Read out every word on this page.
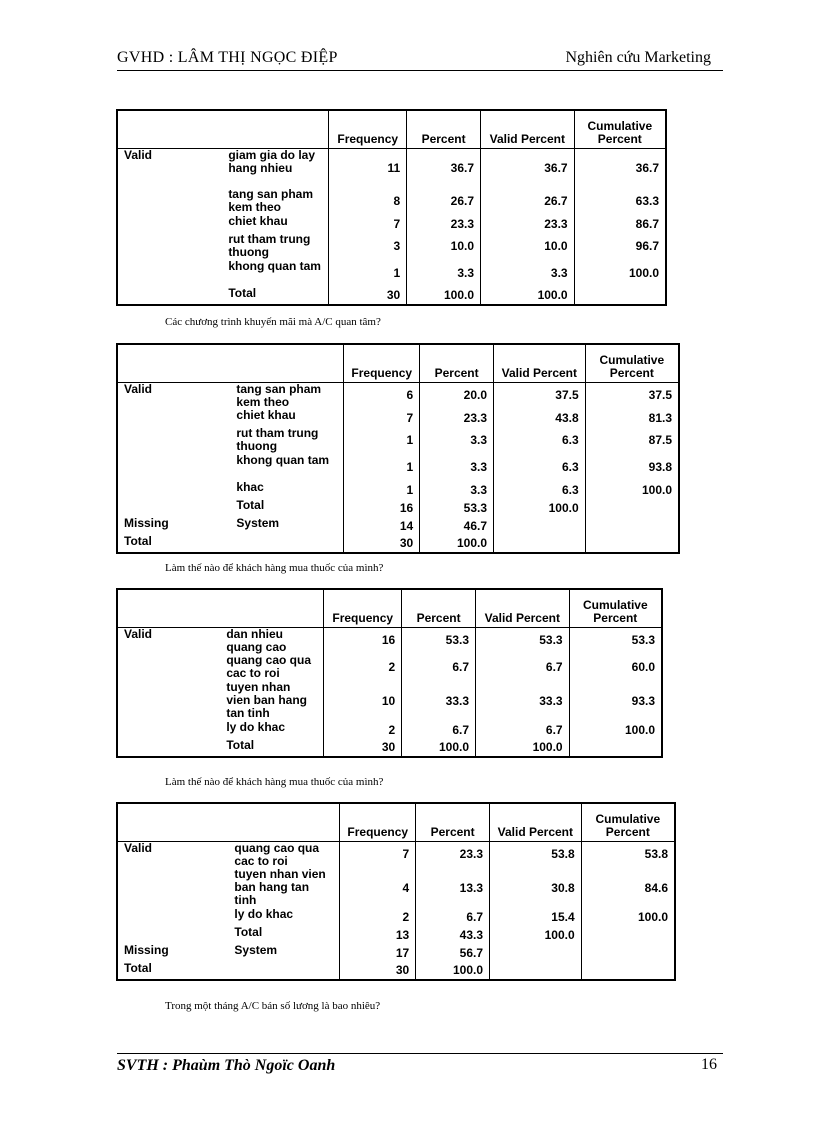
GVHD : LÂM THỊ NGỌC ĐIỆP	Nghiên cứu Marketing
		Frequency	Percent	Valid Percent	Cumulative Percent
Valid	giam gia do lay hang nhieu	11	36.7	36.7	36.7
	tang san pham kem theo	8	26.7	26.7	63.3
	chiet khau	7	23.3	23.3	86.7
	rut tham trung thuong	3	10.0	10.0	96.7
	khong quan tam	1	3.3	3.3	100.0
	Total	30	100.0	100.0	
Các chương trình khuyến mãi mà A/C quan tâm?
		Frequency	Percent	Valid Percent	Cumulative Percent
Valid	tang san pham kem theo	6	20.0	37.5	37.5
	chiet khau	7	23.3	43.8	81.3
	rut tham trung thuong	1	3.3	6.3	87.5
	khong quan tam	1	3.3	6.3	93.8
	khac	1	3.3	6.3	100.0
	Total	16	53.3	100.0	
Missing	System	14	46.7		
Total		30	100.0		
Làm thế nào để khách hàng mua thuốc của mình?
		Frequency	Percent	Valid Percent	Cumulative Percent
Valid	dan nhieu quang cao	16	53.3	53.3	53.3
	quang cao qua cac to roi	2	6.7	6.7	60.0
	tuyen nhan vien ban hang tan tinh	10	33.3	33.3	93.3
	ly do khac	2	6.7	6.7	100.0
	Total	30	100.0	100.0	
Làm thế nào để khách hàng mua thuốc của mình?
		Frequency	Percent	Valid Percent	Cumulative Percent
Valid	quang cao qua cac to roi	7	23.3	53.8	53.8
	tuyen nhan vien ban hang tan tinh	4	13.3	30.8	84.6
	ly do khac	2	6.7	15.4	100.0
	Total	13	43.3	100.0	
Missing	System	17	56.7		
Total		30	100.0		
Trong một tháng A/C bán số lương là bao nhiêu?
SVTH : Phaùm Thò Ngoïc Oanh	16
